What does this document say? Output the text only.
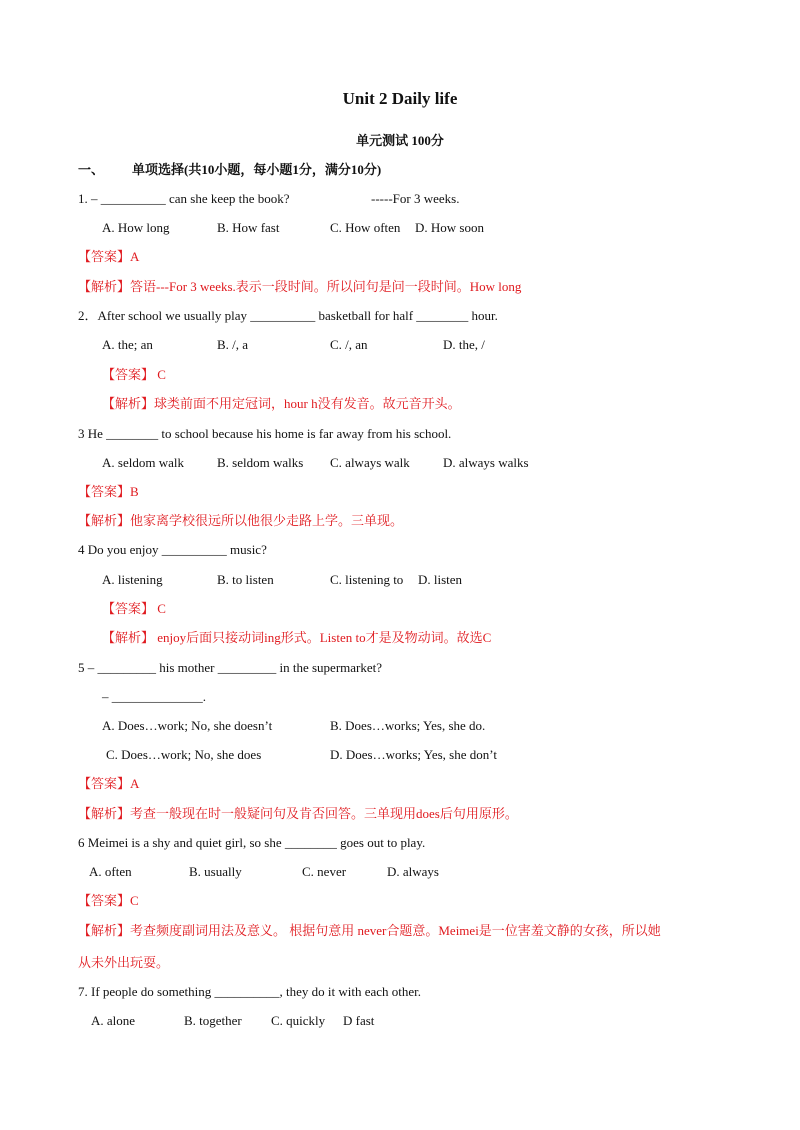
Unit 2 Daily life
单元测试 100分
一、 单项选择(共10小题，每小题1分，满分10分)
1. – __________ can she keep the book?	-----For 3 weeks.
A. How long	B. How fast	C. How often D. How soon
【答案】A
【解析】答语---For 3 weeks.表示一段时间。所以问句是问一段时间。How long
2．After school we usually play __________ basketball for half ________ hour.
A. the; an	B. /, a	C. /, an	D. the, /
【答案】 C
【解析】球类前面不用定冠词，hour h没有发音。故元音开头。
3 He ________ to school because his home is far away from his school.
A. seldom walk	B. seldom walks C. always walk	D. always walks
【答案】B
【解析】他家离学校很远所以他很少走路上学。三单现。
4 Do you enjoy __________ music?
A. listening	B. to listen	C. listening to D. listen
【答案】 C
【解析】 enjoy后面只接动词ing形式。Listen to才是及物动词。故选C
5 – _________ his mother _________ in the supermarket?
– ______________.
A. Does…work; No, she doesn’t	B. Does…works; Yes, she do.
C. Does…work; No, she does	D. Does…works; Yes, she don’t
【答案】A
【解析】考查一般现在时一般疑问句及肯否回答。三单现用does后句用原形。
6 Meimei is a shy and quiet girl, so she ________ goes out to play.
A. often	B. usually	C. never	D. always
【答案】C
【解析】考查频度副词用法及意义。 根据句意用 never合题意。Meimei是一位害羞文静的女孩，所以她
从未外出玩耍。
7. If people do something __________, they do it with each other.
A. alone	B. together C. quickly D fast
